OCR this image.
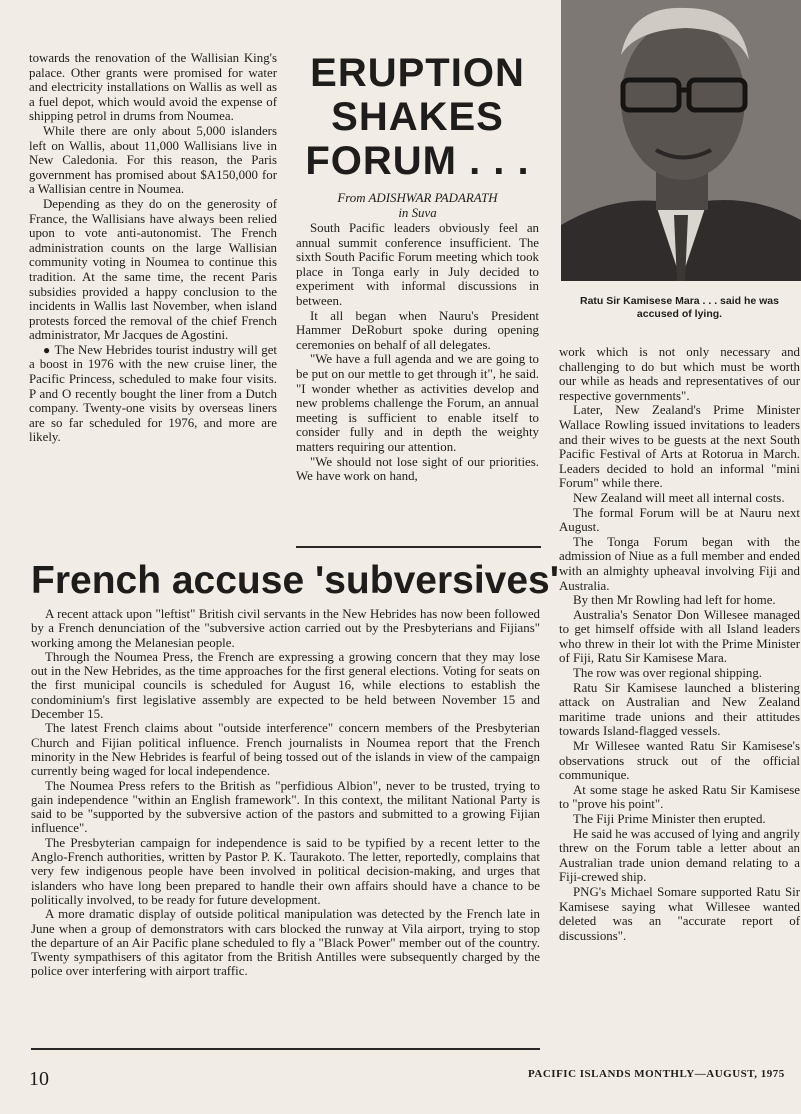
towards the renovation of the Wallisian King's palace. Other grants were promised for water and electricity installations on Wallis as well as a fuel depot, which would avoid the expense of shipping petrol in drums from Noumea.

While there are only about 5,000 islanders left on Wallis, about 11,000 Wallisians live in New Caledonia. For this reason, the Paris government has promised about $A150,000 for a Wallisian centre in Noumea.

Depending as they do on the generosity of France, the Wallisians have always been relied upon to vote anti-autonomist. The French administration counts on the large Wallisian community voting in Noumea to continue this tradition. At the same time, the recent Paris subsidies provided a happy conclusion to the incidents in Wallis last November, when island protests forced the removal of the chief French administrator, Mr Jacques de Agostini.

● The New Hebrides tourist industry will get a boost in 1976 with the new cruise liner, the Pacific Princess, scheduled to make four visits. P and O recently bought the liner from a Dutch company. Twenty-one visits by overseas liners are so far scheduled for 1976, and more are likely.

ERUPTION
SHAKES
FORUM . . .

From ADISHWAR PADARATH
in Suva

South Pacific leaders obviously feel an annual summit conference insufficient. The sixth South Pacific Forum meeting which took place in Tonga early in July decided to experiment with informal discussions in between.

It all began when Nauru's President Hammer DeRoburt spoke during opening ceremonies on behalf of all delegates.

"We have a full agenda and we are going to be put on our mettle to get through it", he said. "I wonder whether as activities develop and new problems challenge the Forum, an annual meeting is sufficient to enable itself to consider fully and in depth the weighty matters requiring our attention.

"We should not lose sight of our priorities. We have work on hand,

Ratu Sir Kamisese Mara . . . said he was accused of lying.

work which is not only necessary and challenging to do but which must be worth our while as heads and representatives of our respective governments".

Later, New Zealand's Prime Minister Wallace Rowling issued invitations to leaders and their wives to be guests at the next South Pacific Festival of Arts at Rotorua in March. Leaders decided to hold an informal "mini Forum" while there.

New Zealand will meet all internal costs.

The formal Forum will be at Nauru next August.

The Tonga Forum began with the admission of Niue as a full member and ended with an almighty upheaval involving Fiji and Australia.

By then Mr Rowling had left for home.

Australia's Senator Don Willesee managed to get himself offside with all Island leaders who threw in their lot with the Prime Minister of Fiji, Ratu Sir Kamisese Mara.

The row was over regional shipping.

Ratu Sir Kamisese launched a blistering attack on Australian and New Zealand maritime trade unions and their attitudes towards Island-flagged vessels.

Mr Willesee wanted Ratu Sir Kamisese's observations struck out of the official communique.

At some stage he asked Ratu Sir Kamisese to "prove his point".

The Fiji Prime Minister then erupted.

He said he was accused of lying and angrily threw on the Forum table a letter about an Australian trade union demand relating to a Fiji-crewed ship.

PNG's Michael Somare supported Ratu Sir Kamisese saying what Willesee wanted deleted was an "accurate report of discussions".

French accuse 'subversives'

A recent attack upon "leftist" British civil servants in the New Hebrides has now been followed by a French denunciation of the "subversive action carried out by the Presbyterians and Fijians" working among the Melanesian people.

Through the Noumea Press, the French are expressing a growing concern that they may lose out in the New Hebrides, as the time approaches for the first general elections. Voting for seats on the first municipal councils is scheduled for August 16, while elections to establish the condominium's first legislative assembly are expected to be held between November 15 and December 15.

The latest French claims about "outside interference" concern members of the Presbyterian Church and Fijian political influence. French journalists in Noumea report that the French minority in the New Hebrides is fearful of being tossed out of the islands in view of the campaign currently being waged for local independence.

The Noumea Press refers to the British as "perfidious Albion", never to be trusted, trying to gain independence "within an English framework". In this context, the militant National Party is said to be "supported by the subversive action of the pastors and submitted to a growing Fijian influence".

The Presbyterian campaign for independence is said to be typified by a recent letter to the Anglo-French authorities, written by Pastor P. K. Taurakoto. The letter, reportedly, complains that very few indigenous people have been involved in political decision-making, and urges that islanders who have long been prepared to handle their own affairs should have a chance to be politically involved, to be ready for future development.

A more dramatic display of outside political manipulation was detected by the French late in June when a group of demonstrators with cars blocked the runway at Vila airport, trying to stop the departure of an Air Pacific plane scheduled to fly a "Black Power" member out of the country. Twenty sympathisers of this agitator from the British Antilles were subsequently charged by the police over interfering with airport traffic.

10	PACIFIC ISLANDS MONTHLY—AUGUST, 1975
